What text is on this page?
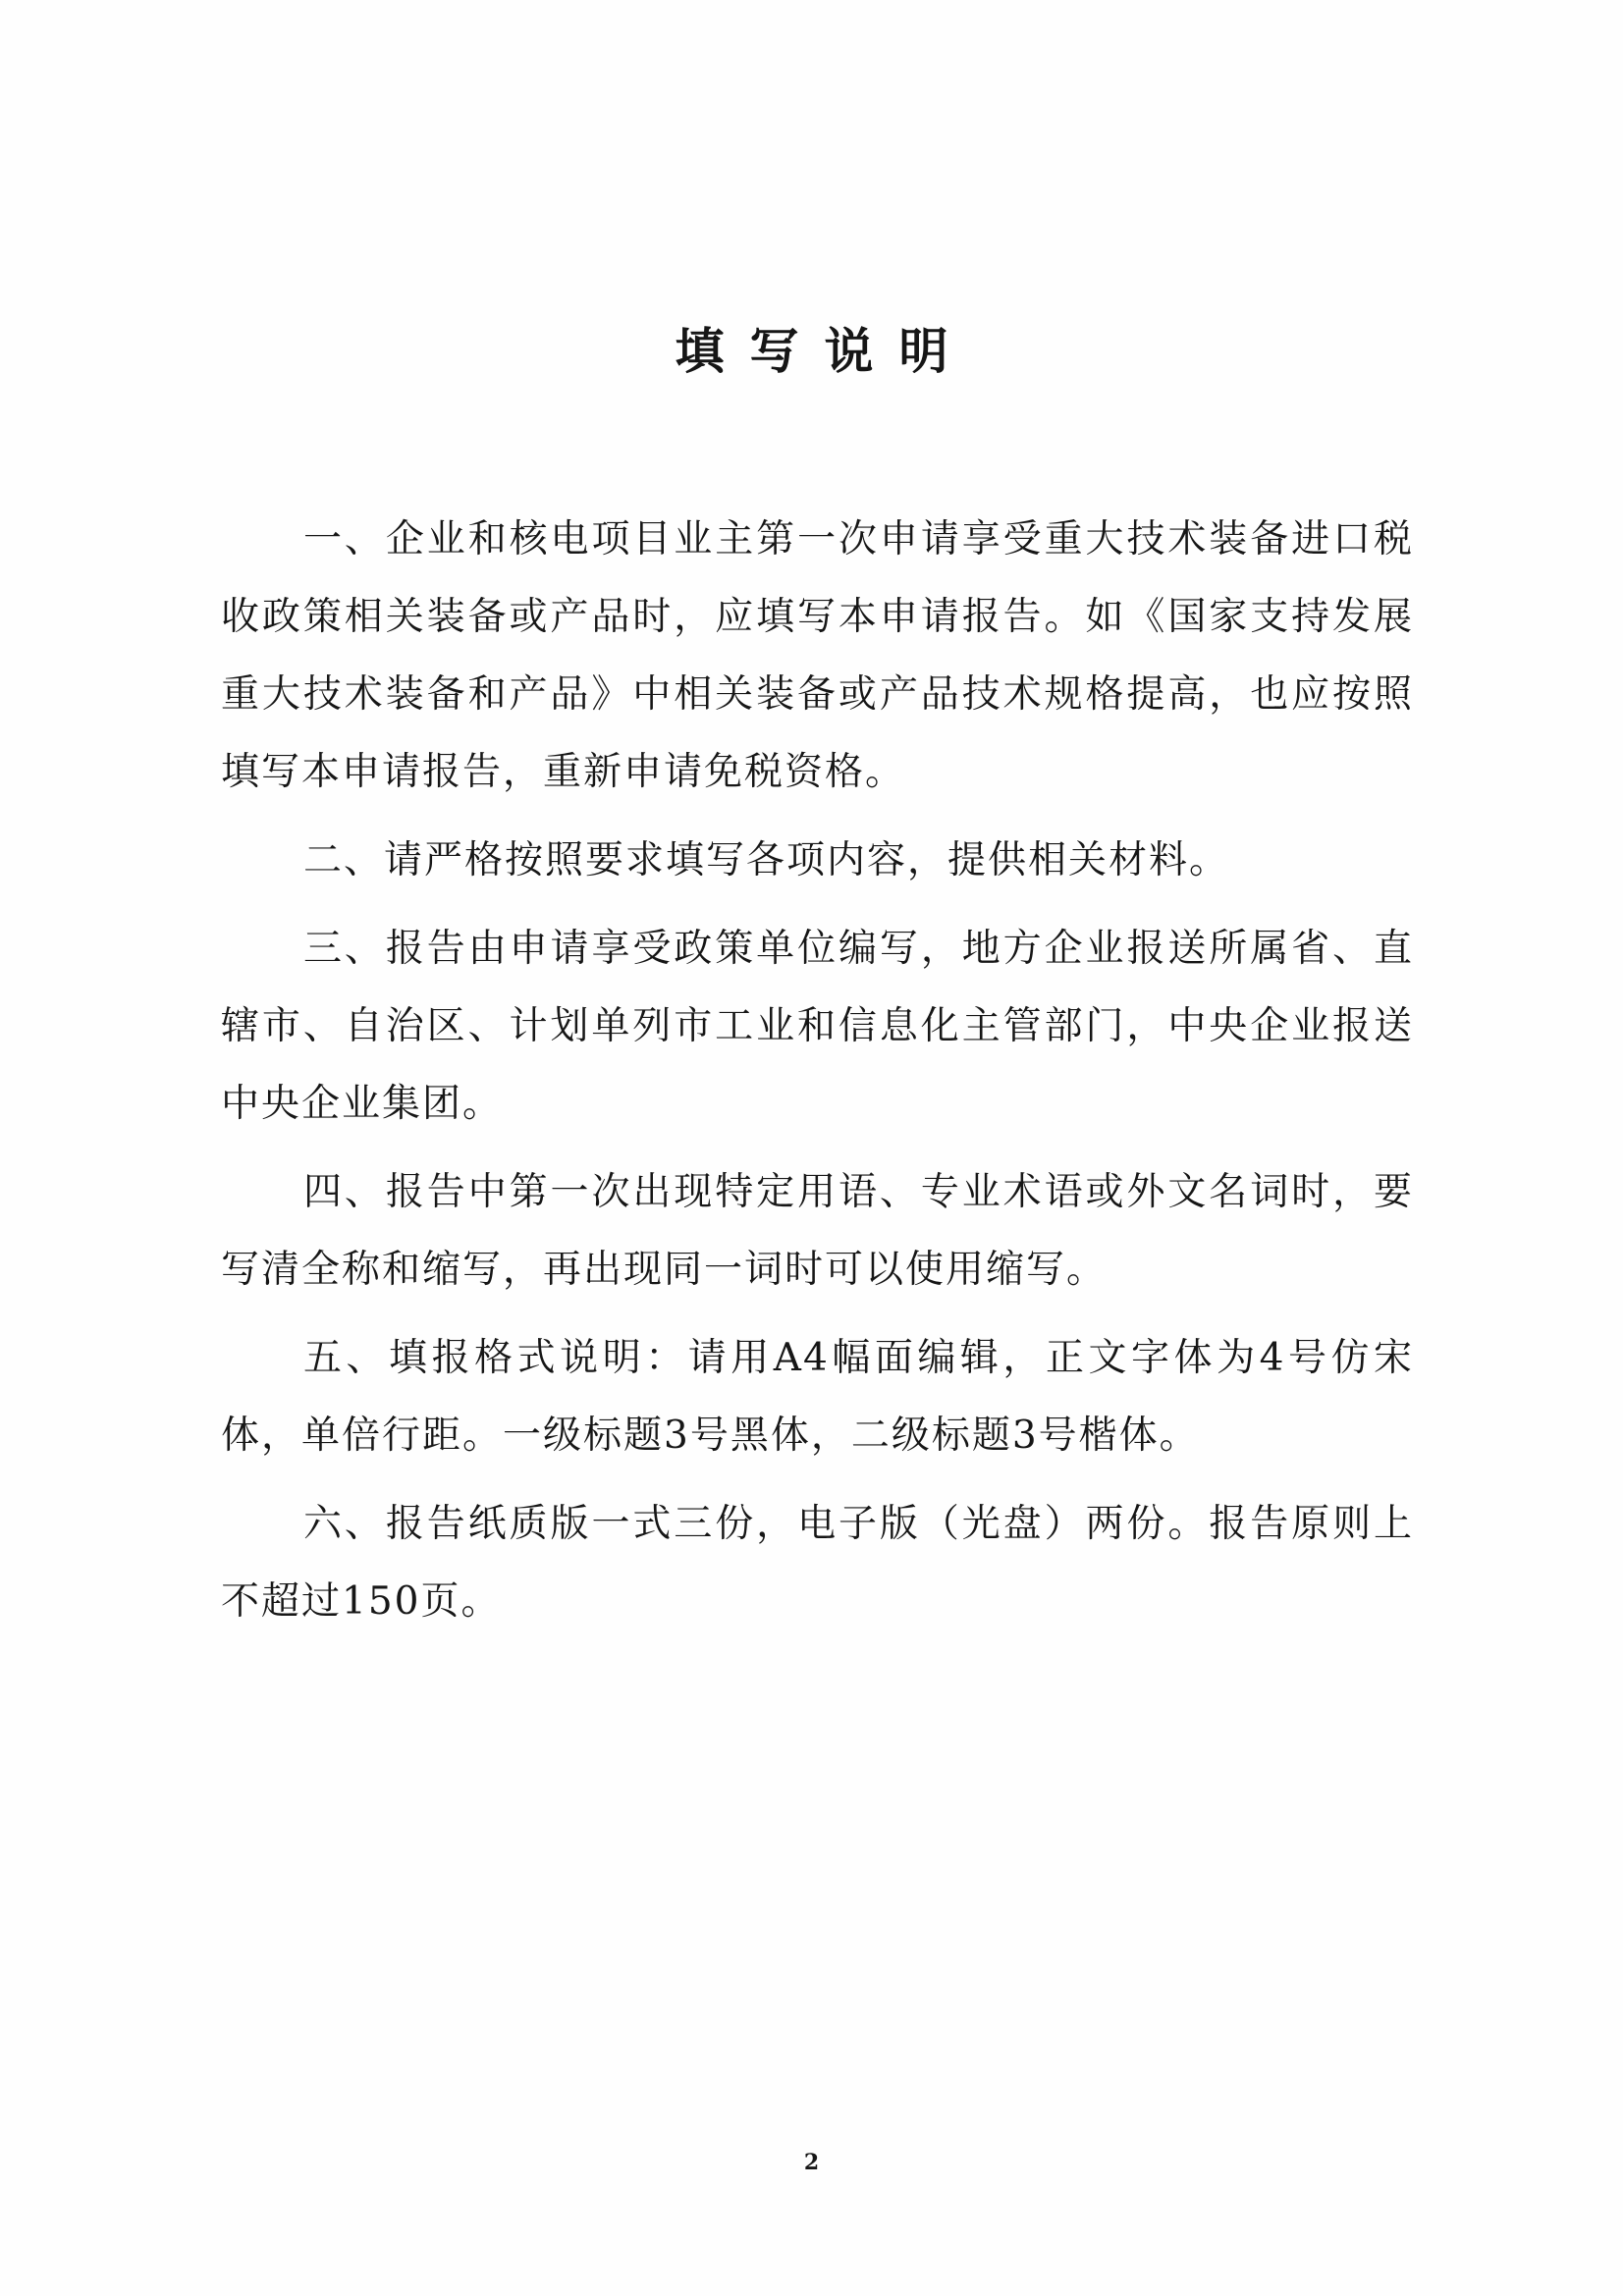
填写说明

一、企业和核电项目业主第一次申请享受重大技术装备进口税收政策相关装备或产品时，应填写本申请报告。如《国家支持发展重大技术装备和产品》中相关装备或产品技术规格提高，也应按照填写本申请报告，重新申请免税资格。

二、请严格按照要求填写各项内容，提供相关材料。

三、报告由申请享受政策单位编写，地方企业报送所属省、直辖市、自治区、计划单列市工业和信息化主管部门，中央企业报送中央企业集团。

四、报告中第一次出现特定用语、专业术语或外文名词时，要写清全称和缩写，再出现同一词时可以使用缩写。

五、填报格式说明：请用A4幅面编辑，正文字体为4号仿宋体，单倍行距。一级标题3号黑体，二级标题3号楷体。

六、报告纸质版一式三份，电子版（光盘）两份。报告原则上不超过150页。

2
